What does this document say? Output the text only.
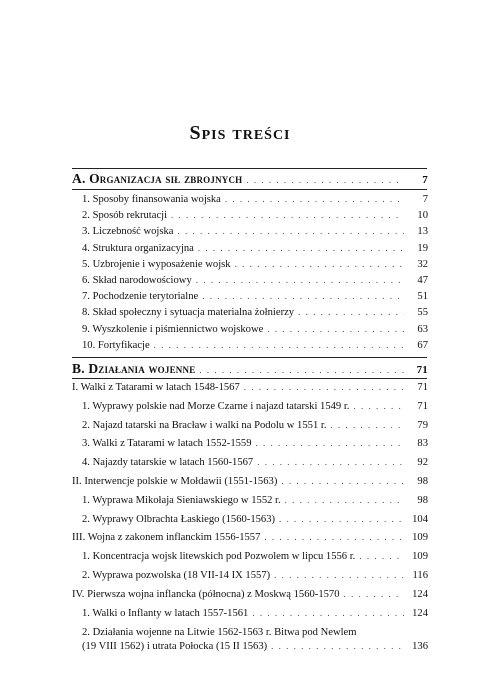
Spis treści
A. Organizacja sił zbrojnych . . .	7
1. Sposoby finansowania wojska . . .	7
2. Sposób rekrutacji . . .	10
3. Liczebność wojska . . .	13
4. Struktura organizacyjna . . .	19
5. Uzbrojenie i wyposażenie wojsk . . .	32
6. Skład narodowościowy . . .	47
7. Pochodzenie terytorialne . . .	51
8. Skład społeczny i sytuacja materialna żołnierzy . . .	55
9. Wyszkolenie i piśmiennictwo wojskowe . . .	63
10. Fortyfikacje . . .	67
B. Działania wojenne . . .	71
I. Walki z Tatarami w latach 1548-1567 . . .	71
1. Wyprawy polskie nad Morze Czarne i najazd tatarski 1549 r. . . .	71
2. Najazd tatarski na Bracław i walki na Podolu w 1551 r. . . .	79
3. Walki z Tatarami w latach 1552-1559 . . .	83
4. Najazdy tatarskie w latach 1560-1567 . . .	92
II. Interwencje polskie w Mołdawii (1551-1563) . . .	98
1. Wyprawa Mikołaja Sieniawskiego w 1552 r. . . .	98
2. Wyprawy Olbrachta Łaskiego (1560-1563) . . .	104
III. Wojna z zakonem inflanckim 1556-1557 . . .	109
1. Koncentracja wojsk litewskich pod Pozwolem w lipcu 1556 r. . . .	109
2. Wyprawa pozwolska (18 VII-14 IX 1557) . . .	116
IV. Pierwsza wojna inflancka (północna) z Moskwą 1560-1570 . . .	124
1. Walki o Inflanty w latach 1557-1561 . . .	124
2. Działania wojenne na Litwie 1562-1563 r. Bitwa pod Newlem
(19 VIII 1562) i utrata Połocka (15 II 1563) . . .	136
